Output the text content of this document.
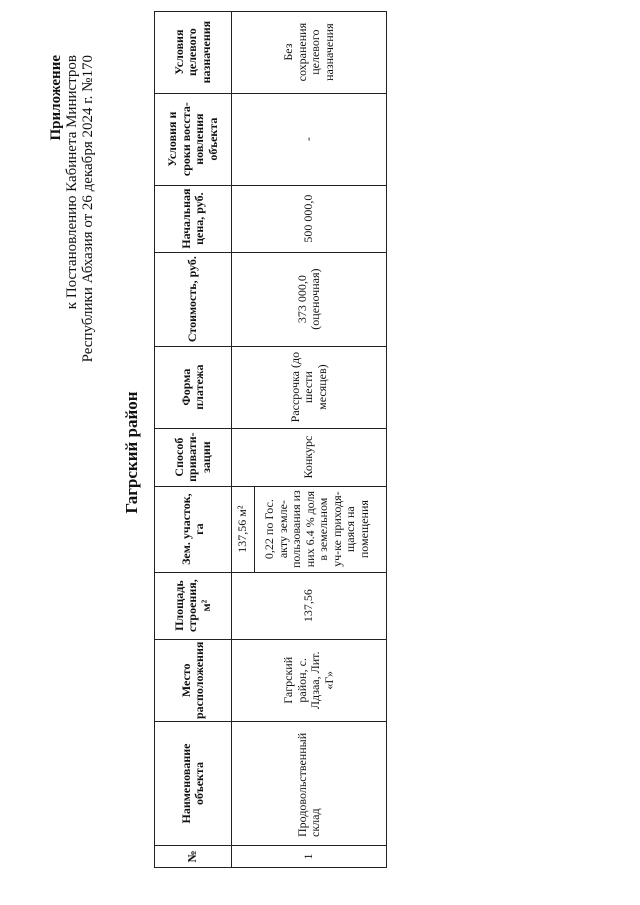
Приложение к Постановлению Кабинета Министров Республики Абхазия от 26 декабря 2024 г. №170
Гагрский район
№	Наименование объекта	Место расположения	Площадь строения, м²	Зем. участок, га	Способ привати-зации	Форма платежа	Стоимость, руб.	Начальная цена, руб.	Условия и сроки восста-новления объекта	Условия целевого назначения
1	Продовольственный склад	Гагрский район, с. Лдзаа, Лит. «Г»	137,56	137,56 м² 0,22 по Гос. акту земле-пользования из них 6.4 % доля в земельном уч-ке приходя-щаяся на помещения	Конкурс	Рассрочка (до шести месяцев)	373 000,0 (оценочная)	500 000,0	-	Без сохранения целевого назначения
